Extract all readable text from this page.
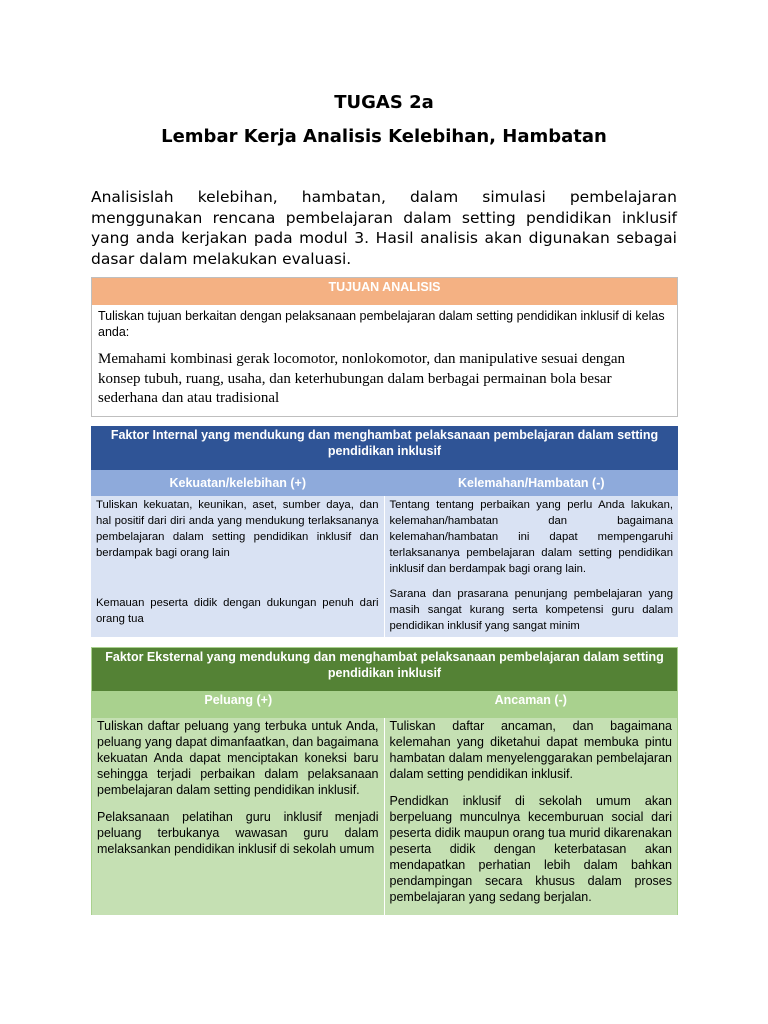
TUGAS 2a
Lembar Kerja Analisis Kelebihan, Hambatan
Analisislah kelebihan, hambatan, dalam simulasi pembelajaran menggunakan rencana pembelajaran dalam setting pendidikan inklusif yang anda kerjakan pada modul 3. Hasil analisis akan digunakan sebagai dasar dalam melakukan evaluasi.
TUJUAN ANALISIS
Tuliskan tujuan berkaitan dengan pelaksanaan pembelajaran dalam setting pendidikan inklusif di kelas anda:
Memahami kombinasi gerak locomotor, nonlokomotor, dan manipulative sesuai dengan konsep tubuh, ruang, usaha, dan keterhubungan dalam berbagai permainan bola besar sederhana dan atau tradisional
Faktor Internal yang mendukung dan menghambat pelaksanaan pembelajaran dalam setting pendidikan inklusif
Kekuatan/kelebihan (+)	Kelemahan/Hambatan (-)

Tuliskan kekuatan, keunikan, aset, sumber daya, dan hal positif dari diri anda yang mendukung terlaksananya pembelajaran dalam setting pendidikan inklusif dan berdampak bagi orang lain

Kemauan peserta didik dengan dukungan penuh dari orang tua

Tentang tentang perbaikan yang perlu Anda lakukan, kelemahan/hambatan dan bagaimana kelemahan/hambatan ini dapat mempengaruhi terlaksananya pembelajaran dalam setting pendidikan inklusif dan berdampak bagi orang lain.

Sarana dan prasarana penunjang pembelajaran yang masih sangat kurang serta kompetensi guru dalam pendidikan inklusif yang sangat minim

Faktor Eksternal yang mendukung dan menghambat pelaksanaan pembelajaran dalam setting pendidikan inklusif
Peluang (+)	Ancaman (-)

Tuliskan daftar peluang yang terbuka untuk Anda, peluang yang dapat dimanfaatkan, dan bagaimana kekuatan Anda dapat menciptakan koneksi baru sehingga terjadi perbaikan dalam pelaksanaan pembelajaran dalam setting pendidikan inklusif.

Pelaksanaan pelatihan guru inklusif menjadi peluang terbukanya wawasan guru dalam melaksankan pendidikan inklusif di sekolah umum

Tuliskan daftar ancaman, dan bagaimana kelemahan yang diketahui dapat membuka pintu hambatan dalam menyelenggarakan pembelajaran dalam setting pendidikan inklusif.

Pendidkan inklusif di sekolah umum akan berpeluang munculnya kecemburuan social dari peserta didik maupun orang tua murid dikarenakan peserta didik dengan keterbatasan akan mendapatkan perhatian lebih dalam bahkan pendampingan secara khusus dalam proses pembelajaran yang sedang berjalan.
